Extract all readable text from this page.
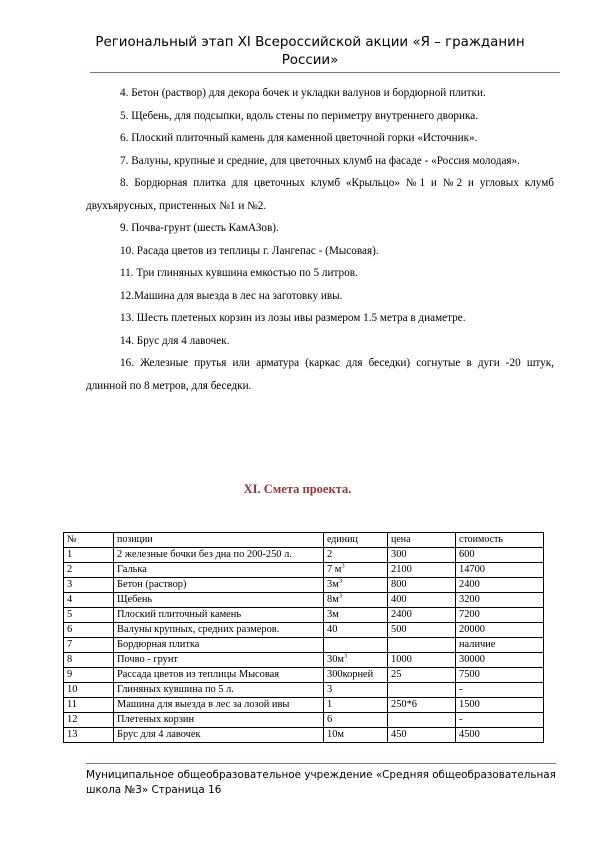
Региональный этап XI Всероссийской акции «Я – гражданин России»

4. Бетон (раствор) для декора бочек и укладки валунов и бордюрной плитки.

5. Щебень, для подсыпки, вдоль стены по периметру внутреннего дворика.

6. Плоский плиточный камень для каменной цветочной горки «Источник».

7. Валуны, крупные и средние, для цветочных клумб на фасаде - «Россия молодая».

8. Бордюрная плитка для цветочных клумб «Крыльцо» №1 и №2 и угловых клумб двухъярусных, пристенных №1 и №2.

9. Почва-грунт (шесть КамАЗов).

10. Расада цветов из теплицы г. Лангепас - (Мысовая).

11. Три глиняных кувшина емкостью по 5 литров.

12.Машина для выезда в лес на заготовку ивы.

13. Шесть плетеных корзин из лозы ивы размером 1.5 метра в диаметре.

14. Брус для 4 лавочек.

16. Железные прутья или арматура (каркас для беседки) согнутые в дуги -20 штук, длинной по 8 метров, для беседки.

XI. Смета проекта.
№	позиции	единиц	цена	стоимость
1	2 железные бочки без дна по 200-250 л.	2	300	600
2	Галька	7 $м^3$	2100	14700
3	Бетон (раствор)	$3м^3$	800	2400
4	Щебень	$8м^3$	400	3200
5	Плоский плиточный камень	3м	2400	7200
6	Валуны крупных, средних размеров.	40	500	20000
7	Бордюрная плитка			наличие
8	Почво - грунт	$30м^3$	1000	30000
9	Рассада цветов из теплицы Мысовая	300корней	25	7500
10	Глиняных кувшина по 5 л.	3		-
11	Машина для выезда в лес за лозой ивы	1	250*6	1500
12	Плетеных корзин	6		-
13	Брус для 4 лавочек	10м	450	4500
Муниципальное общеобразовательное учреждение «Средняя общеобразовательная школа №3» Страница 16
